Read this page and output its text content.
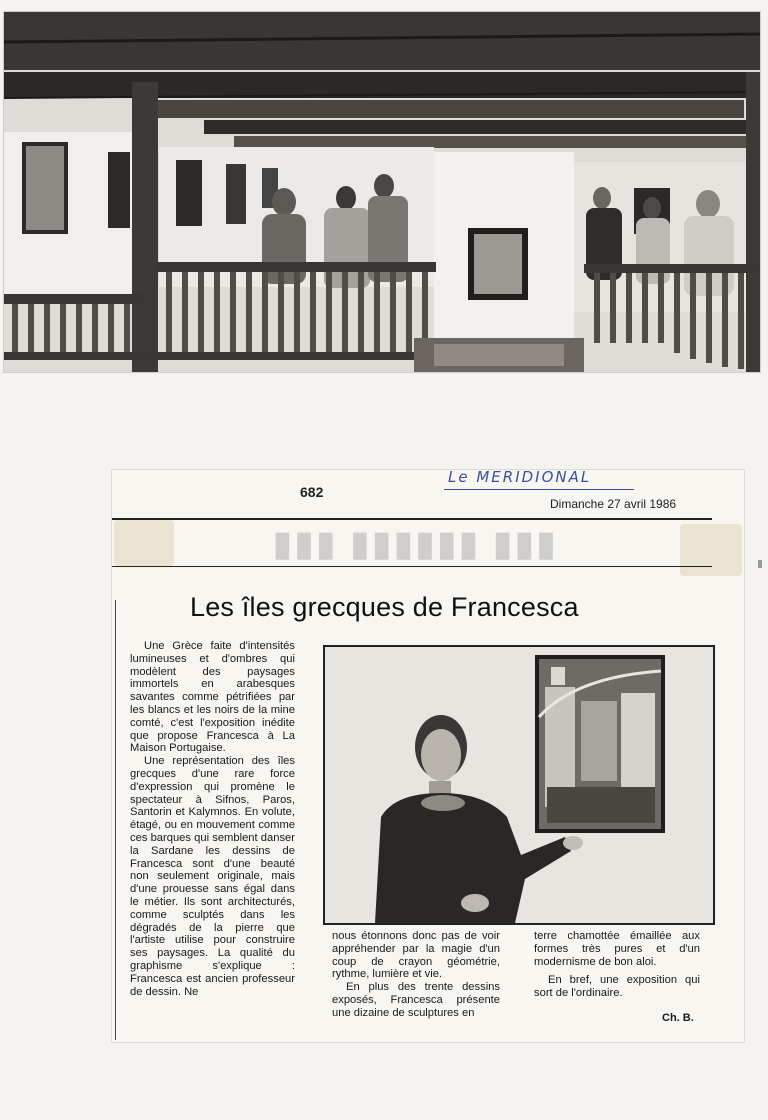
Le MERIDIONAL
682
Dimanche 27 avril 1986
▮▮▮ ▮▮▮▮▮▮ ▮▮▮
Les îles grecques de Francesca

Une Grèce faite d'intensités lumineuses et d'ombres qui modèlent des paysages immortels en arabesques savantes comme pétrifiées par les blancs et les noirs de la mine comté, c'est l'exposition inédite que propose Francesca à La Maison Portugaise.

Une représentation des îles grecques d'une rare force d'expression qui promène le spectateur à Sifnos, Paros, Santorin et Kalymnos. En volute, étagé, ou en mouvement comme ces barques qui semblent danser la Sardane les dessins de Francesca sont d'une beauté non seulement originale, mais d'une prouesse sans égal dans le métier. Ils sont architecturés, comme sculptés dans les dégradés de la pierre que l'artiste utilise pour construire ses paysages. La qualité du graphisme s'explique : Francesca est ancien professeur de dessin. Ne

nous étonnons donc pas de voir appréhender par la magie d'un coup de crayon géométrie, rythme, lumière et vie.

En plus des trente dessins exposés, Francesca présente une dizaine de sculptures en

terre chamottée émaillée aux formes très pures et d'un modernisme de bon aloi.

En bref, une exposition qui sort de l'ordinaire.

Ch. B.
